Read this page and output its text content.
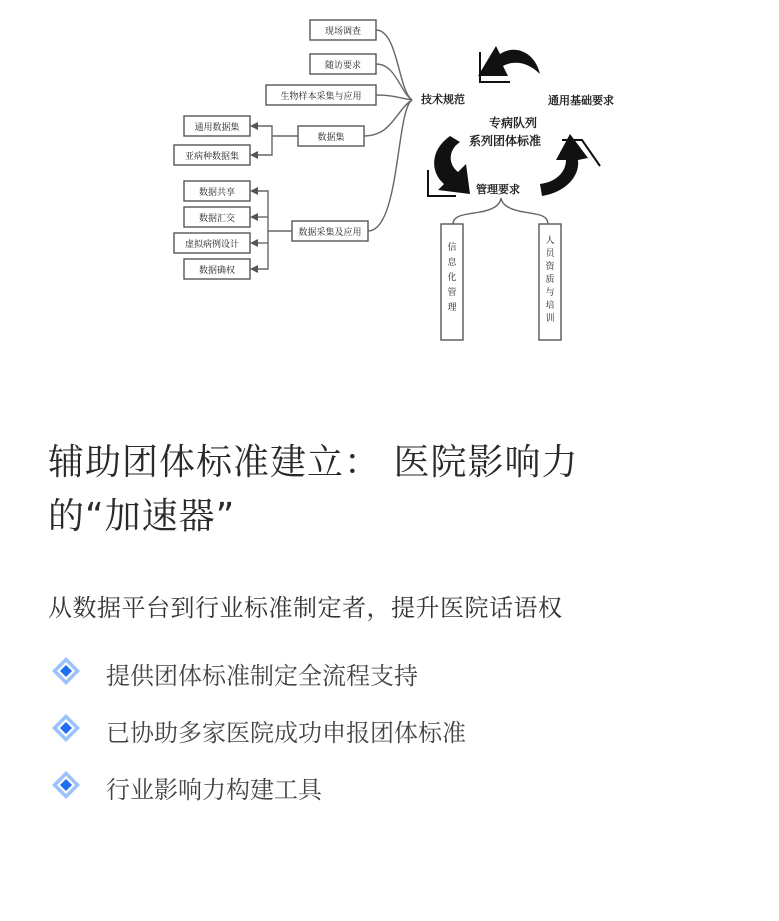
现场调查
随访要求
生物样本采集与应用
数据集
通用数据集
亚病种数据集
数据采集及应用
数据共享
数据汇交
虚拟病例设计
数据确权
技术规范	通用基础要求
专病队列
系列团体标准
管理要求
信
息
化
管
理
人
员
资
质
与
培
训
辅助团体标准建立： 医院影响力
的“加速器”
从数据平台到行业标准制定者，提升医院话语权
提供团体标准制定全流程支持
已协助多家医院成功申报团体标准
行业影响力构建工具
